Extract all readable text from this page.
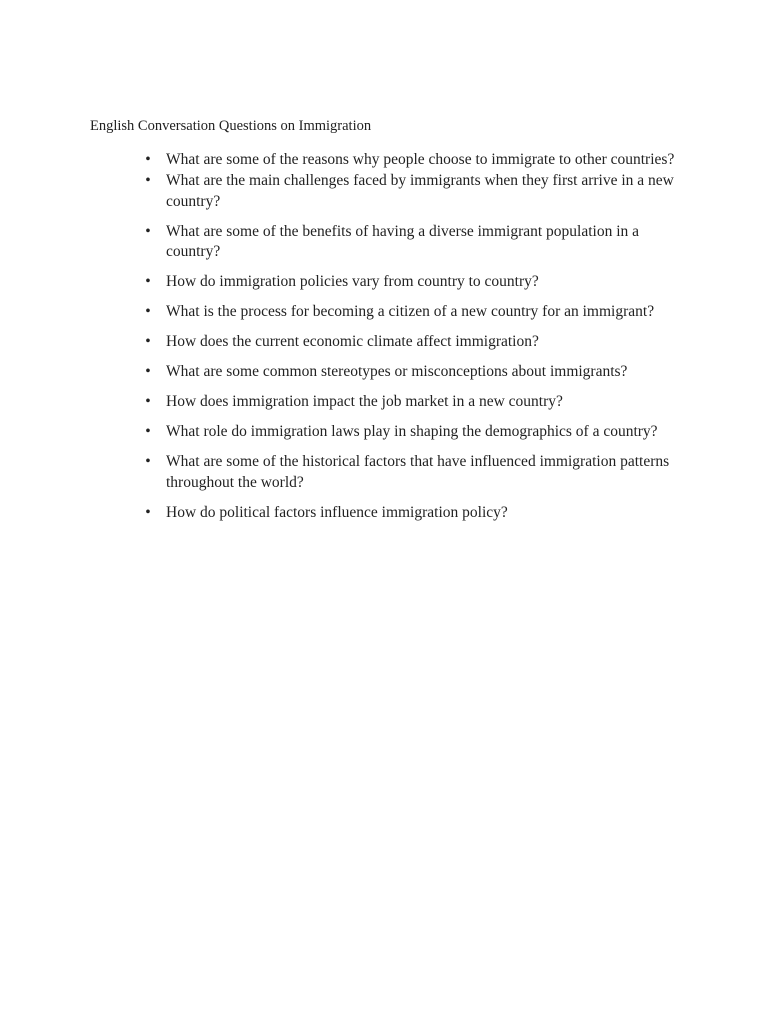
English Conversation Questions on Immigration
• What are some of the reasons why people choose to immigrate to other countries?
• What are the main challenges faced by immigrants when they first arrive in a new country?
• What are some of the benefits of having a diverse immigrant population in a country?
• How do immigration policies vary from country to country?
• What is the process for becoming a citizen of a new country for an immigrant?
• How does the current economic climate affect immigration?
• What are some common stereotypes or misconceptions about immigrants?
• How does immigration impact the job market in a new country?
• What role do immigration laws play in shaping the demographics of a country?
• What are some of the historical factors that have influenced immigration patterns throughout the world?
• How do political factors influence immigration policy?
